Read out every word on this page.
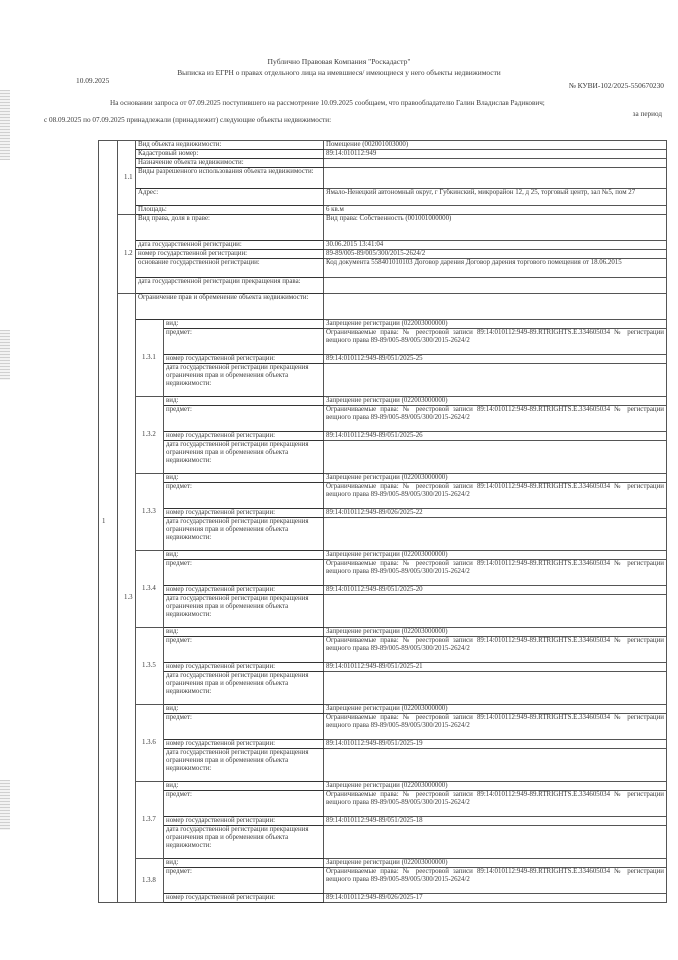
Публично Правовая Компания "Роскадастр"
Выписка из ЕГРН о правах отдельного лица на имевшиеся/ имеющиеся у него объекты недвижимости
10.09.2025
№ КУВИ-102/2025-550670230
На основании запроса от 07.09.2025 поступившего на рассмотрение 10.09.2025 сообщаем, что правообладателю Галин Владислав Радикович;
за период
с 08.09.2025 по 07.09.2025 принадлежали (принадлежит) следующие объекты недвижимости:
1	1.1	Вид объекта недвижимости:		Помещение (002001003000)
		Кадастровый номер:		89:14:010112:949
		Назначение объекта недвижимости:		
		Виды разрешенного использования объекта недвижимости:		
		Адрес:		Ямало-Ненецкий автономный округ, г Губкинский, микрорайон 12, д 25, торговый центр, зал №5, пом 27
		Площадь:		6 кв.м
	1.2	Вид права, доля в праве:		Вид права: Собственность (001001000000)
		дата государственной регистрации:		30.06.2015 13:41:04
		номер государственной регистрации:		89-89/005-89/005/300/2015-2624/2
		основание государственной регистрации:		Код документа 558401010103 Договор дарения Договор дарения торгового помещения от 18.06.2015
		дата государственной регистрации прекращения права:		
	1.3	Ограничение прав и обременение объекта недвижимости:		
		1.3.1	вид:	Запрещение регистрации (022003000000)
			предмет:	Ограничиваемые права: № реестровой записи 89:14:010112:949-89.RTRIGHTS.E.334605034 № регистрации вещного права 89-89/005-89/005/300/2015-2624/2
			номер государственной регистрации:	89:14:010112:949-89/051/2025-25
			дата государственной регистрации прекращения ограничения прав и обременения объекта недвижимости:	
		1.3.2	вид:	Запрещение регистрации (022003000000)
			предмет:	Ограничиваемые права: № реестровой записи 89:14:010112:949-89.RTRIGHTS.E.334605034 № регистрации вещного права 89-89/005-89/005/300/2015-2624/2
			номер государственной регистрации:	89:14:010112:949-89/051/2025-26
			дата государственной регистрации прекращения ограничения прав и обременения объекта недвижимости:	
		1.3.3	вид:	Запрещение регистрации (022003000000)
			предмет:	Ограничиваемые права: № реестровой записи 89:14:010112:949-89.RTRIGHTS.E.334605034 № регистрации вещного права 89-89/005-89/005/300/2015-2624/2
			номер государственной регистрации:	89:14:010112:949-89/026/2025-22
			дата государственной регистрации прекращения ограничения прав и обременения объекта недвижимости:	
		1.3.4	вид:	Запрещение регистрации (022003000000)
			предмет:	Ограничиваемые права: № реестровой записи 89:14:010112:949-89.RTRIGHTS.E.334605034 № регистрации вещного права 89-89/005-89/005/300/2015-2624/2
			номер государственной регистрации:	89:14:010112:949-89/051/2025-20
			дата государственной регистрации прекращения ограничения прав и обременения объекта недвижимости:	
		1.3.5	вид:	Запрещение регистрации (022003000000)
			предмет:	Ограничиваемые права: № реестровой записи 89:14:010112:949-89.RTRIGHTS.E.334605034 № регистрации вещного права 89-89/005-89/005/300/2015-2624/2
			номер государственной регистрации:	89:14:010112:949-89/051/2025-21
			дата государственной регистрации прекращения ограничения прав и обременения объекта недвижимости:	
		1.3.6	вид:	Запрещение регистрации (022003000000)
			предмет:	Ограничиваемые права: № реестровой записи 89:14:010112:949-89.RTRIGHTS.E.334605034 № регистрации вещного права 89-89/005-89/005/300/2015-2624/2
			номер государственной регистрации:	89:14:010112:949-89/051/2025-19
			дата государственной регистрации прекращения ограничения прав и обременения объекта недвижимости:	
		1.3.7	вид:	Запрещение регистрации (022003000000)
			предмет:	Ограничиваемые права: № реестровой записи 89:14:010112:949-89.RTRIGHTS.E.334605034 № регистрации вещного права 89-89/005-89/005/300/2015-2624/2
			номер государственной регистрации:	89:14:010112:949-89/051/2025-18
			дата государственной регистрации прекращения ограничения прав и обременения объекта недвижимости:	
		1.3.8	вид:	Запрещение регистрации (022003000000)
			предмет:	Ограничиваемые права: № реестровой записи 89:14:010112:949-89.RTRIGHTS.E.334605034 № регистрации вещного права 89-89/005-89/005/300/2015-2624/2
			номер государственной регистрации:	89:14:010112:949-89/026/2025-17
